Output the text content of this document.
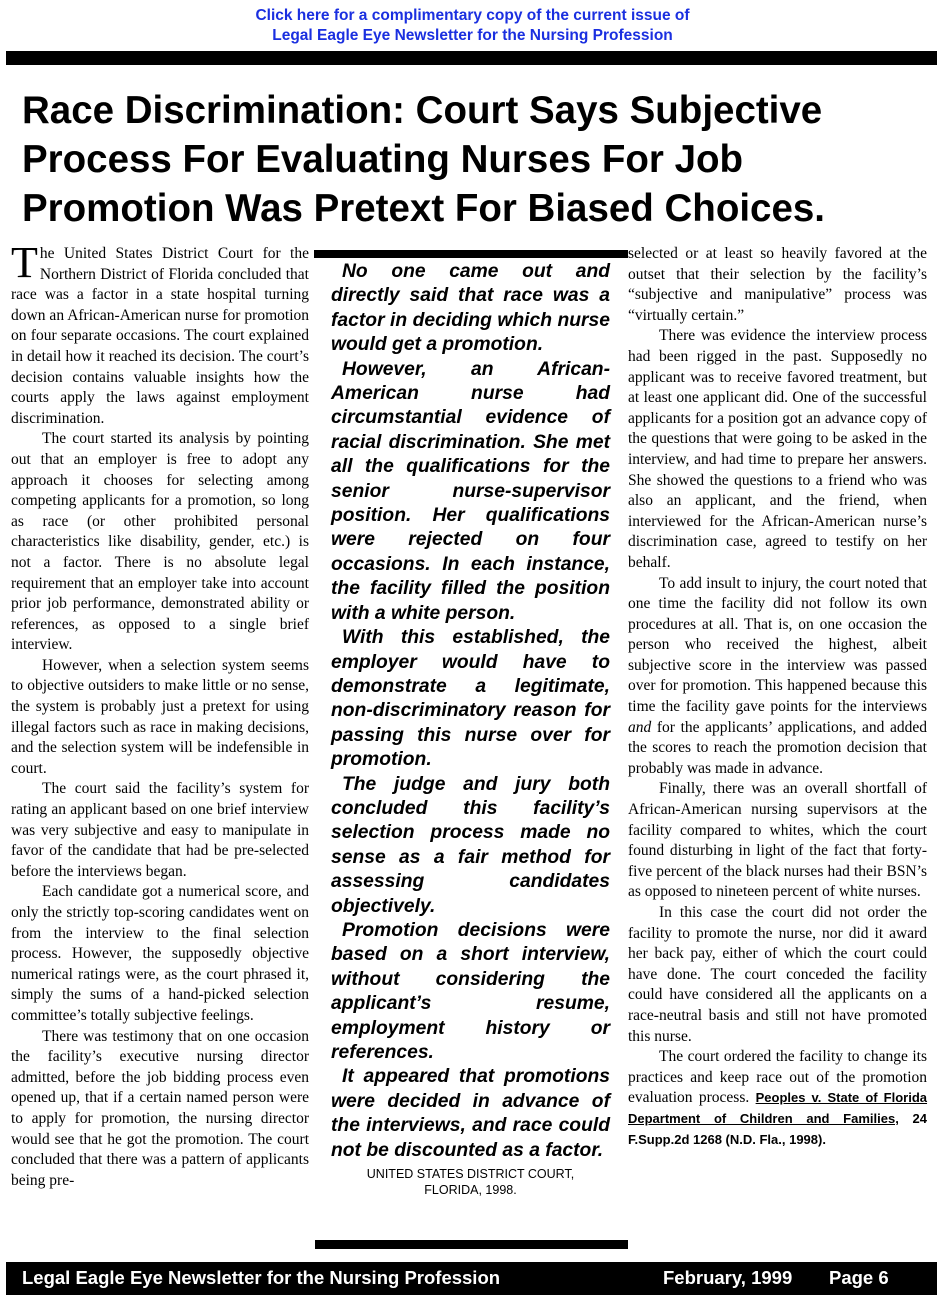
Click here for a complimentary copy of the current issue of
Legal Eagle Eye Newsletter for the Nursing Profession
Race Discrimination: Court Says Subjective Process For Evaluating Nurses For Job Promotion Was Pretext For Biased Choices.

The United States District Court for the Northern District of Florida concluded that race was a factor in a state hospital turning down an African-American nurse for promotion on four separate occasions. The court explained in detail how it reached its decision. The court’s decision contains valuable insights how the courts apply the laws against employment discrimination.

The court started its analysis by pointing out that an employer is free to adopt any approach it chooses for selecting among competing applicants for a promotion, so long as race (or other prohibited personal characteristics like disability, gender, etc.) is not a factor. There is no absolute legal requirement that an employer take into account prior job performance, demonstrated ability or references, as opposed to a single brief interview.

However, when a selection system seems to objective outsiders to make little or no sense, the system is probably just a pretext for using illegal factors such as race in making decisions, and the selection system will be indefensible in court.

The court said the facility’s system for rating an applicant based on one brief interview was very subjective and easy to manipulate in favor of the candidate that had be pre-selected before the interviews began.

Each candidate got a numerical score, and only the strictly top-scoring candidates went on from the interview to the final selection process. However, the supposedly objective numerical ratings were, as the court phrased it, simply the sums of a hand-picked selection committee’s totally subjective feelings.

There was testimony that on one occasion the facility’s executive nursing director admitted, before the job bidding process even opened up, that if a certain named person were to apply for promotion, the nursing director would see that he got the promotion. The court concluded that there was a pattern of applicants being pre-

No one came out and directly said that race was a factor in deciding which nurse would get a promotion.

However, an African-American nurse had circumstantial evidence of racial discrimination. She met all the qualifications for the senior nurse-supervisor position. Her qualifications were rejected on four occasions. In each instance, the facility filled the position with a white person.

With this established, the employer would have to demonstrate a legitimate, non-discriminatory reason for passing this nurse over for promotion.

The judge and jury both concluded this facility’s selection process made no sense as a fair method for assessing candidates objectively.

Promotion decisions were based on a short interview, without considering the applicant’s resume, employment history or references.

It appeared that promotions were decided in advance of the interviews, and race could not be discounted as a factor.

UNITED STATES DISTRICT COURT,
FLORIDA, 1998.

selected or at least so heavily favored at the outset that their selection by the facility’s “subjective and manipulative” process was “virtually certain.”

There was evidence the interview process had been rigged in the past. Supposedly no applicant was to receive favored treatment, but at least one applicant did. One of the successful applicants for a position got an advance copy of the questions that were going to be asked in the interview, and had time to prepare her answers. She showed the questions to a friend who was also an applicant, and the friend, when interviewed for the African-American nurse’s discrimination case, agreed to testify on her behalf.

To add insult to injury, the court noted that one time the facility did not follow its own procedures at all. That is, on one occasion the person who received the highest, albeit subjective score in the interview was passed over for promotion. This happened because this time the facility gave points for the interviews and for the applicants’ applications, and added the scores to reach the promotion decision that probably was made in advance.

Finally, there was an overall shortfall of African-American nursing supervisors at the facility compared to whites, which the court found disturbing in light of the fact that forty-five percent of the black nurses had their BSN’s as opposed to nineteen percent of white nurses.

In this case the court did not order the facility to promote the nurse, nor did it award her back pay, either of which the court could have done. The court conceded the facility could have considered all the applicants on a race-neutral basis and still not have promoted this nurse.

The court ordered the facility to change its practices and keep race out of the promotion evaluation process. Peoples v. State of Florida Department of Children and Families, 24 F.Supp.2d 1268 (N.D. Fla., 1998).

Legal Eagle Eye Newsletter for the Nursing Profession	February, 1999 Page 6
